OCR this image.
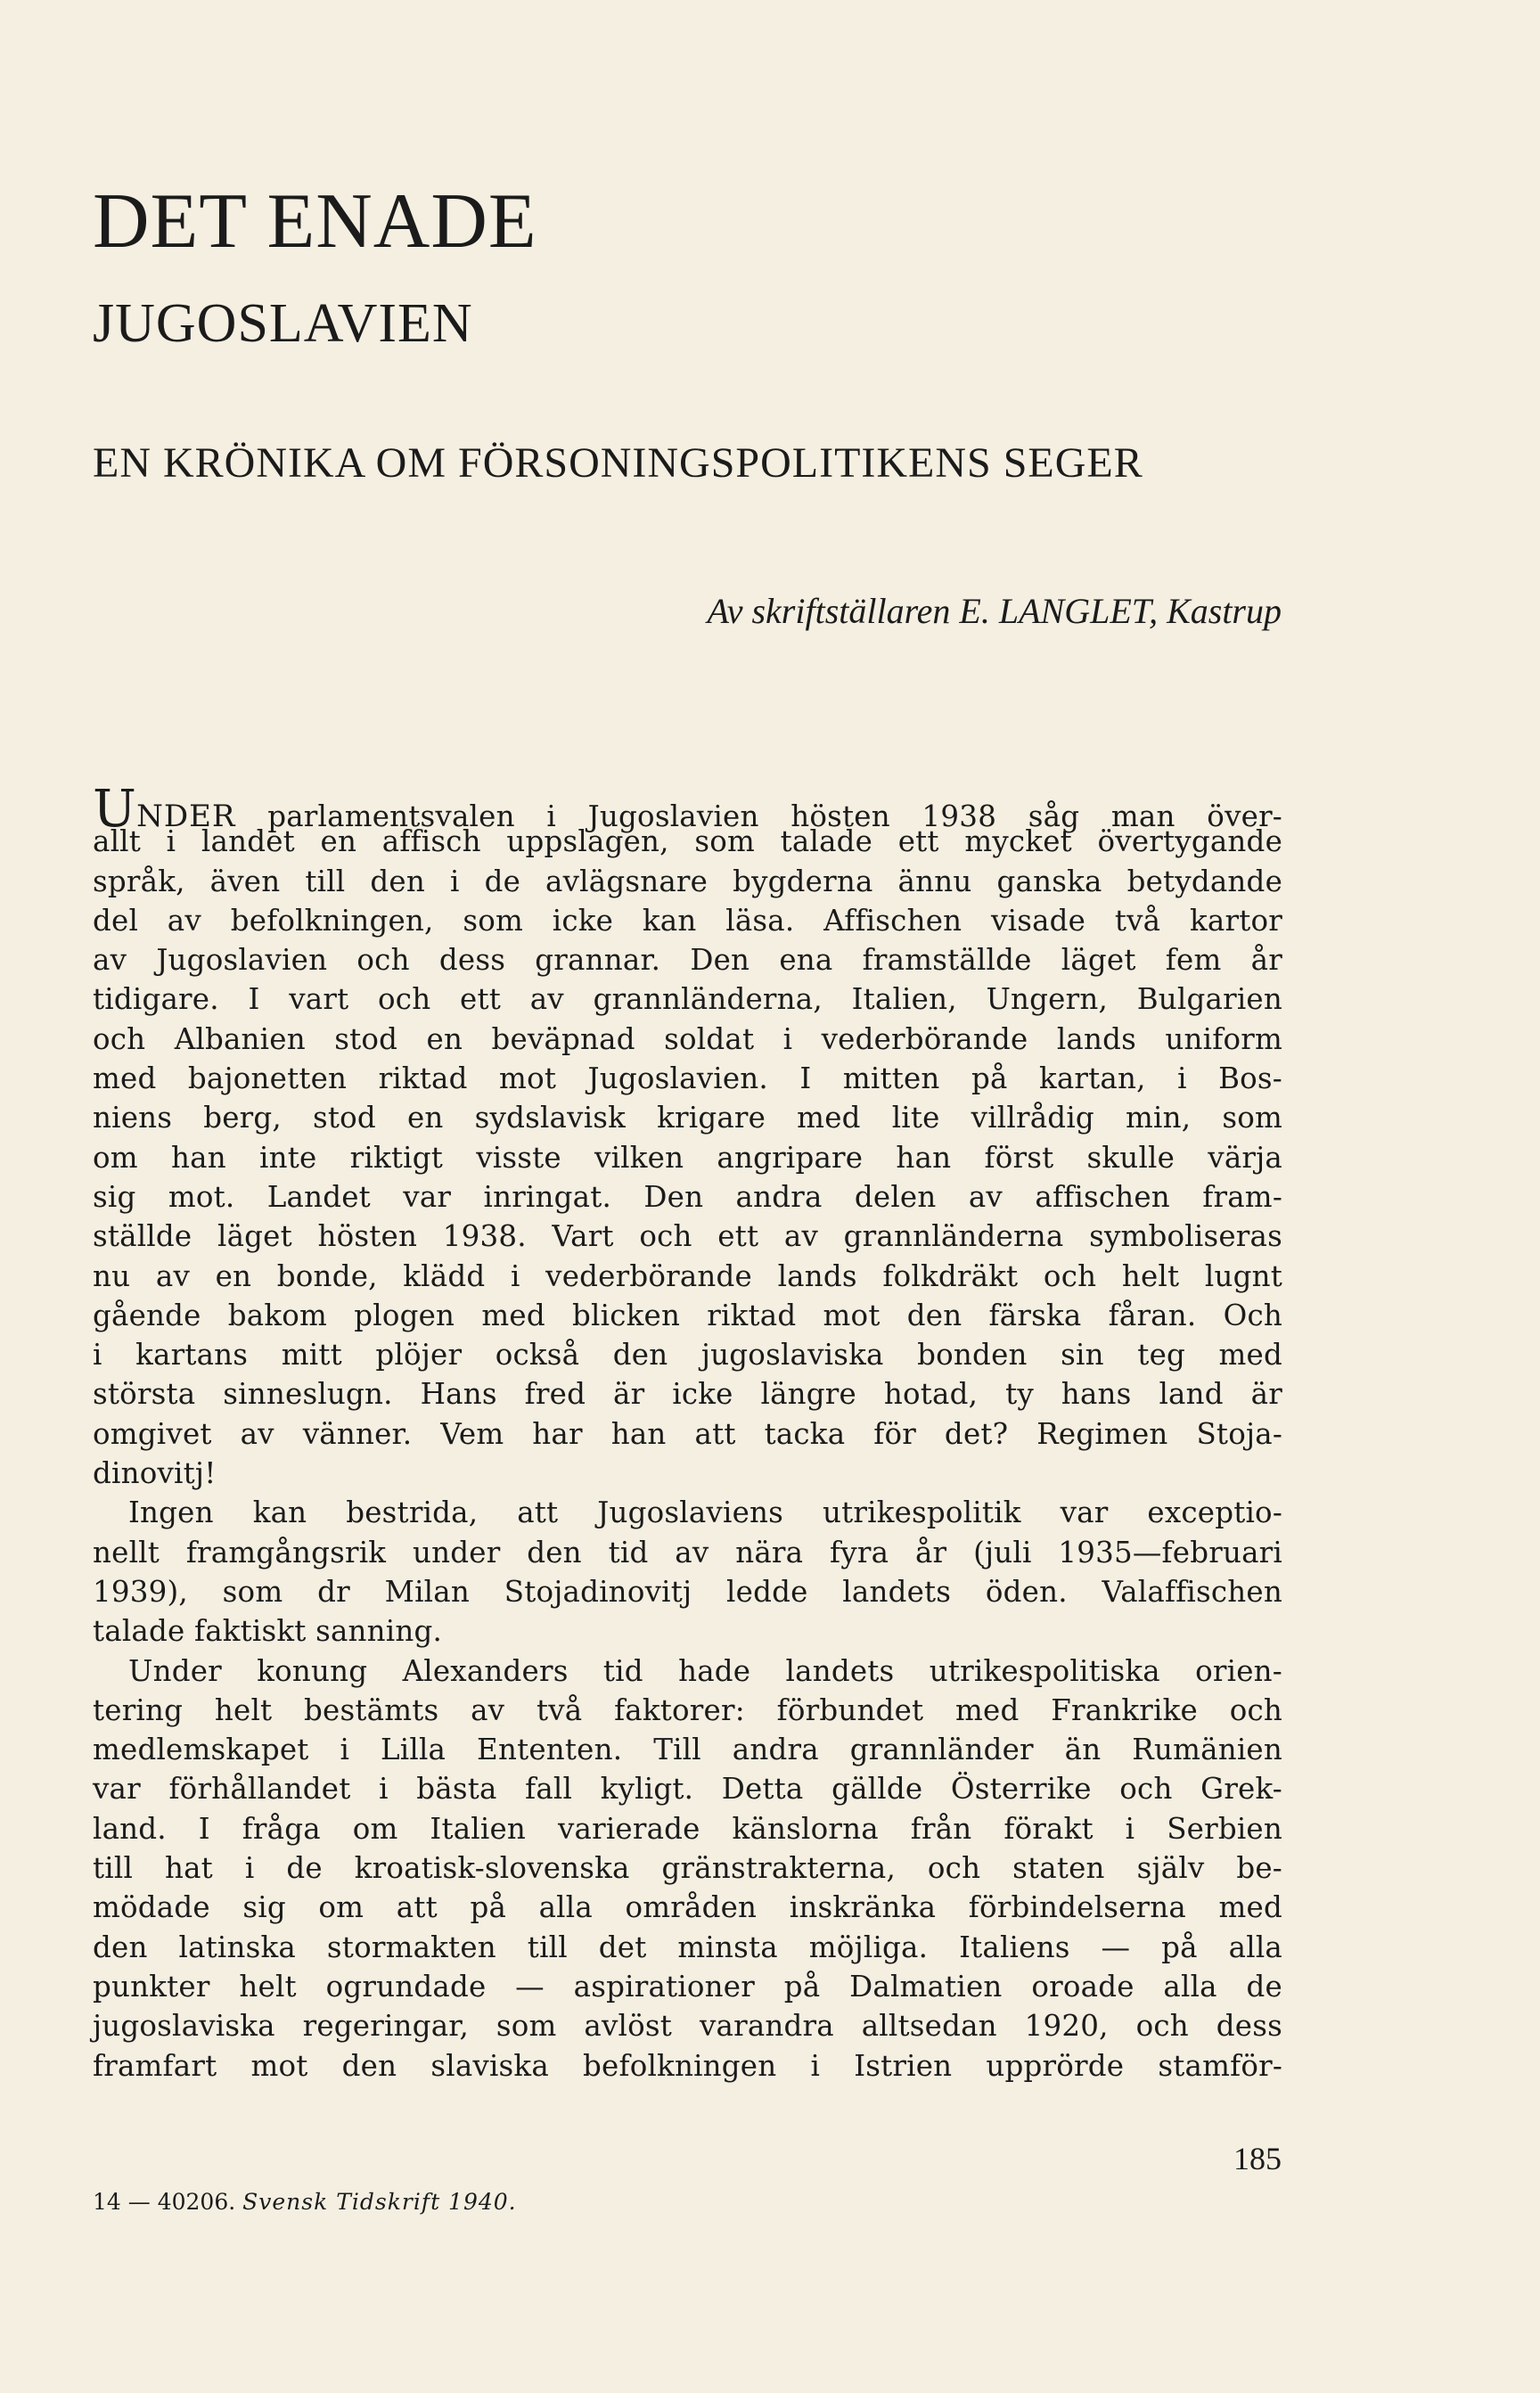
DET ENADE
JUGOSLAVIEN
EN KRÖNIKA OM FÖRSONINGSPOLITIKENS SEGER
Av skriftställaren E. LANGLET, Kastrup
UNDER parlamentsvalen i Jugoslavien hösten 1938 såg man över-
allt i landet en affisch uppslagen, som talade ett mycket övertygande
språk, även till den i de avlägsnare bygderna ännu ganska betydande
del av befolkningen, som icke kan läsa. Affischen visade två kartor
av Jugoslavien och dess grannar. Den ena framställde läget fem år
tidigare. I vart och ett av grannländerna, Italien, Ungern, Bulgarien
och Albanien stod en beväpnad soldat i vederbörande lands uniform
med bajonetten riktad mot Jugoslavien. I mitten på kartan, i Bos-
niens berg, stod en sydslavisk krigare med lite villrådig min, som
om han inte riktigt visste vilken angripare han först skulle värja
sig mot. Landet var inringat. Den andra delen av affischen fram-
ställde läget hösten 1938. Vart och ett av grannländerna symboliseras
nu av en bonde, klädd i vederbörande lands folkdräkt och helt lugnt
gående bakom plogen med blicken riktad mot den färska fåran. Och
i kartans mitt plöjer också den jugoslaviska bonden sin teg med
största sinneslugn. Hans fred är icke längre hotad, ty hans land är
omgivet av vänner. Vem har han att tacka för det? Regimen Stoja-
dinovitj!
Ingen kan bestrida, att Jugoslaviens utrikespolitik var exceptio-
nellt framgångsrik under den tid av nära fyra år (juli 1935—februari
1939), som dr Milan Stojadinovitj ledde landets öden. Valaffischen
talade faktiskt sanning.
Under konung Alexanders tid hade landets utrikespolitiska orien-
tering helt bestämts av två faktorer: förbundet med Frankrike och
medlemskapet i Lilla Ententen. Till andra grannländer än Rumänien
var förhållandet i bästa fall kyligt. Detta gällde Österrike och Grek-
land. I fråga om Italien varierade känslorna från förakt i Serbien
till hat i de kroatisk-slovenska gränstrakterna, och staten själv be-
mödade sig om att på alla områden inskränka förbindelserna med
den latinska stormakten till det minsta möjliga. Italiens — på alla
punkter helt ogrundade — aspirationer på Dalmatien oroade alla de
jugoslaviska regeringar, som avlöst varandra alltsedan 1920, och dess
framfart mot den slaviska befolkningen i Istrien upprörde stamför-
185
14 — 40206. Svensk Tidskrift 1940.
